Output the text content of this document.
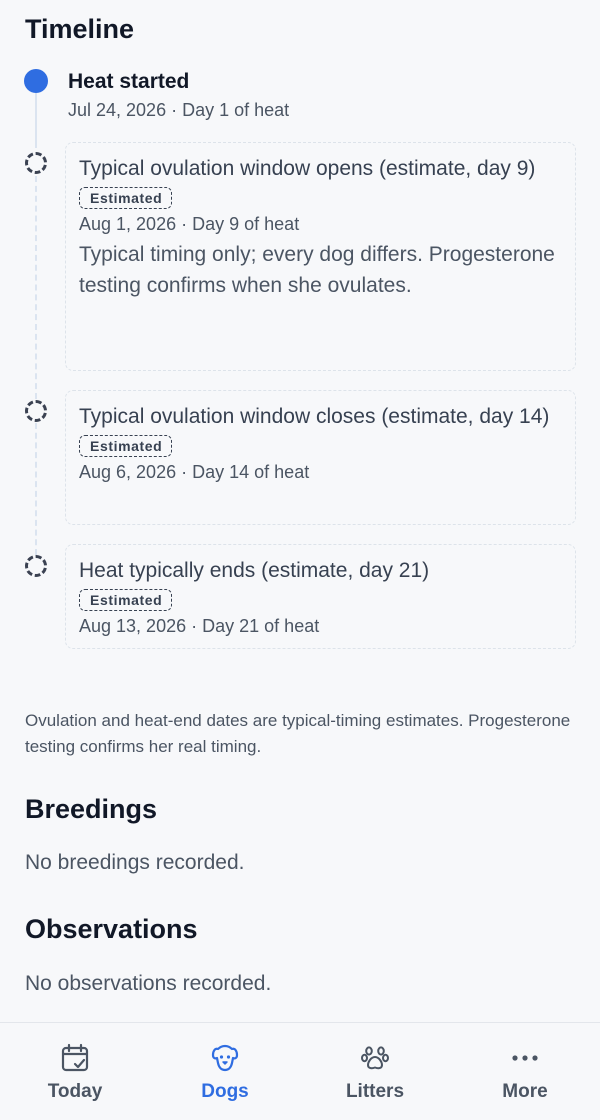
Timeline
Heat started
Jul 24, 2026 · Day 1 of heat
Typical ovulation window opens (estimate, day 9)
Estimated
Aug 1, 2026 · Day 9 of heat
Typical timing only; every dog differs. Progesterone testing confirms when she ovulates.
Typical ovulation window closes (estimate, day 14)
Estimated
Aug 6, 2026 · Day 14 of heat
Heat typically ends (estimate, day 21)
Estimated
Aug 13, 2026 · Day 21 of heat
Ovulation and heat-end dates are typical-timing estimates. Progesterone testing confirms her real timing.
Breedings
No breedings recorded.
Observations
No observations recorded.
Today	Dogs	Litters	More
